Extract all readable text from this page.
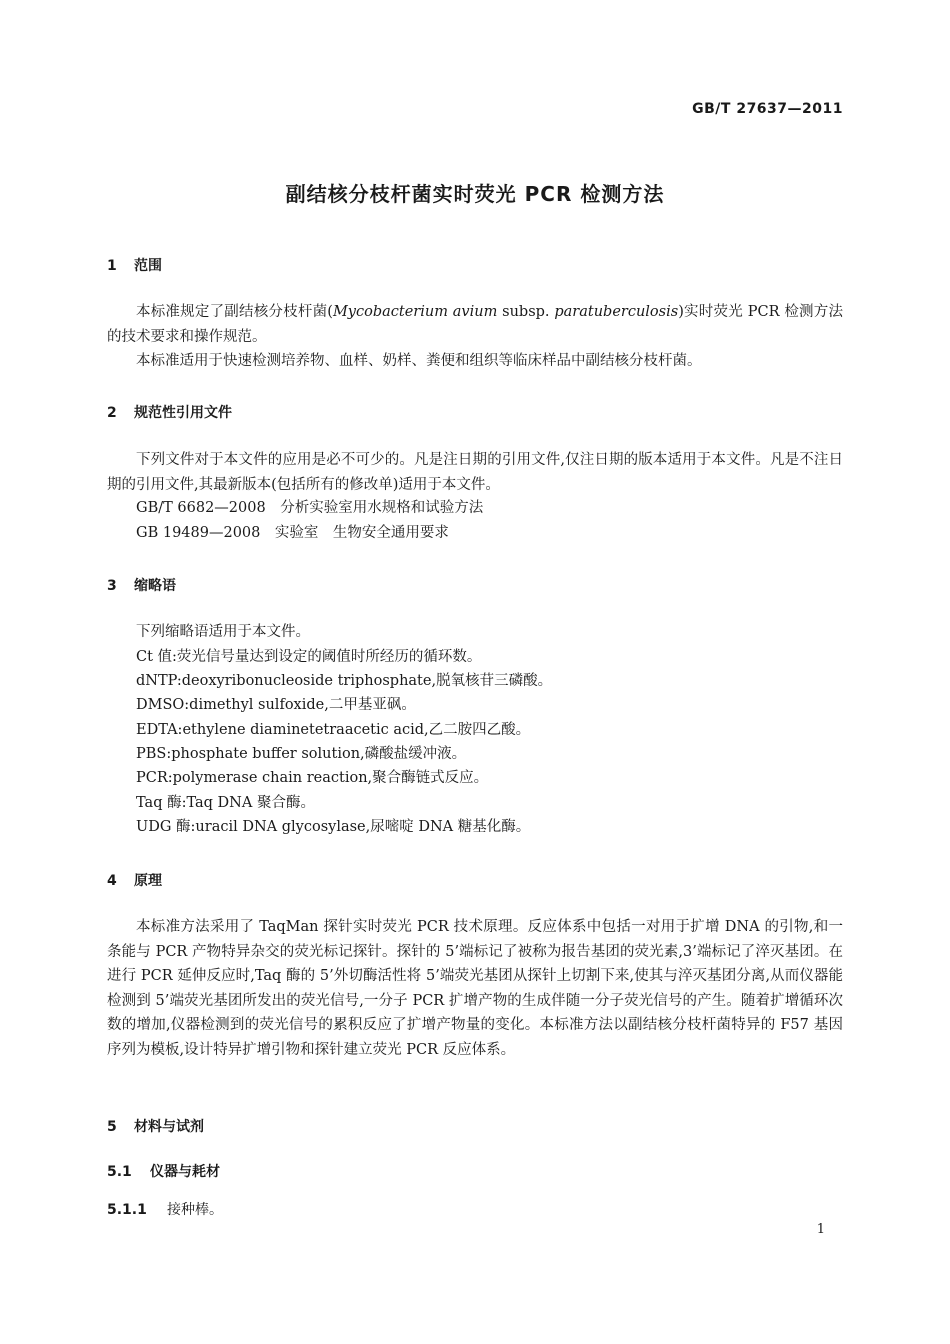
GB/T 27637—2011
副结核分枝杆菌实时荧光 PCR 检测方法
1 范围
本标准规定了副结核分枝杆菌(Mycobacterium avium subsp. paratuberculosis)实时荧光 PCR 检测方法的技术要求和操作规范。
本标准适用于快速检测培养物、血样、奶样、粪便和组织等临床样品中副结核分枝杆菌。
2 规范性引用文件
下列文件对于本文件的应用是必不可少的。凡是注日期的引用文件,仅注日期的版本适用于本文件。凡是不注日期的引用文件,其最新版本(包括所有的修改单)适用于本文件。
GB/T 6682—2008　分析实验室用水规格和试验方法
GB 19489—2008　实验室　生物安全通用要求
3 缩略语
下列缩略语适用于本文件。
Ct 值:荧光信号量达到设定的阈值时所经历的循环数。
dNTP:deoxyribonucleoside triphosphate,脱氧核苷三磷酸。
DMSO:dimethyl sulfoxide,二甲基亚砜。
EDTA:ethylene diaminetetraacetic acid,乙二胺四乙酸。
PBS:phosphate buffer solution,磷酸盐缓冲液。
PCR:polymerase chain reaction,聚合酶链式反应。
Taq 酶:Taq DNA 聚合酶。
UDG 酶:uracil DNA glycosylase,尿嘧啶 DNA 糖基化酶。
4 原理
本标准方法采用了 TaqMan 探针实时荧光 PCR 技术原理。反应体系中包括一对用于扩增 DNA 的引物,和一条能与 PCR 产物特异杂交的荧光标记探针。探针的 5’端标记了被称为报告基团的荧光素,3’端标记了淬灭基团。在进行 PCR 延伸反应时,Taq 酶的 5’外切酶活性将 5’端荧光基团从探针上切割下来,使其与淬灭基团分离,从而仪器能检测到 5’端荧光基团所发出的荧光信号,一分子 PCR 扩增产物的生成伴随一分子荧光信号的产生。随着扩增循环次数的增加,仪器检测到的荧光信号的累积反应了扩增产物量的变化。本标准方法以副结核分枝杆菌特异的 F57 基因序列为模板,设计特异扩增引物和探针建立荧光 PCR 反应体系。
5 材料与试剂
5.1 仪器与耗材
5.1.1 接种棒。
1
